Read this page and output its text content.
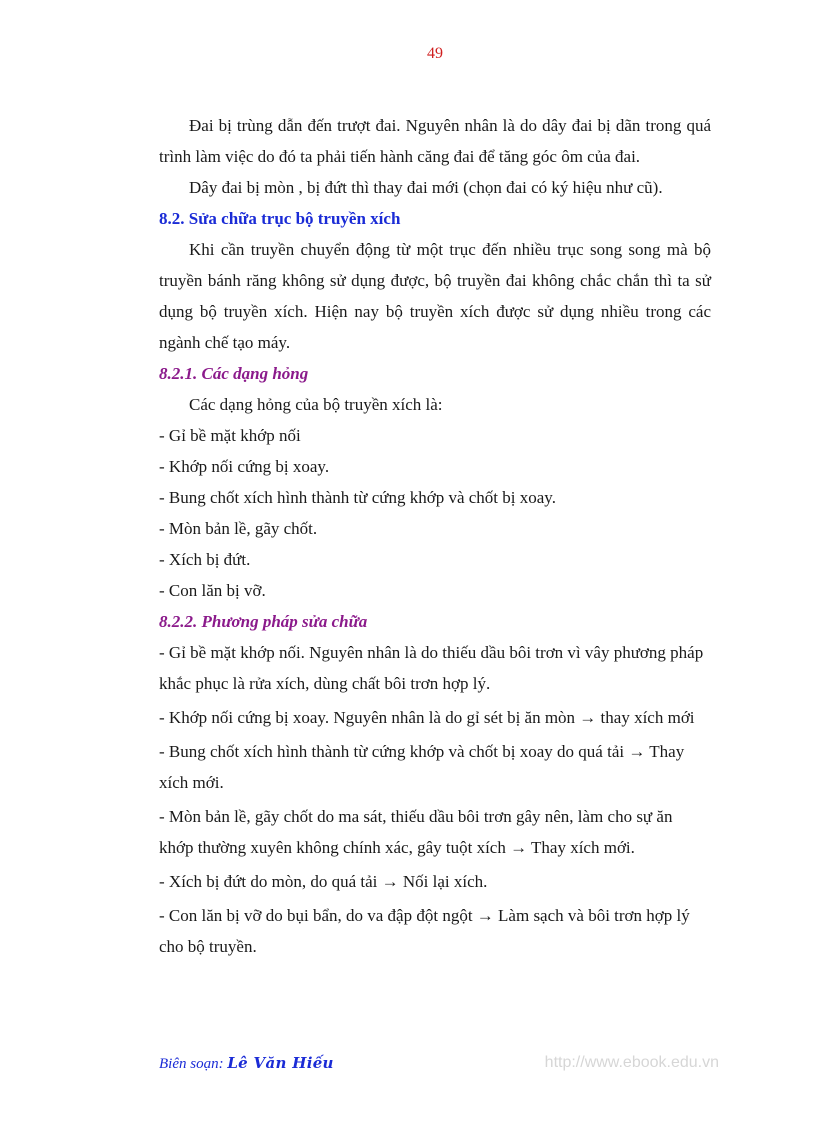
49

Đai bị trùng dẫn đến trượt đai. Nguyên nhân là do dây đai bị dãn trong quá trình làm việc do đó ta phải tiến hành căng đai để tăng góc ôm của đai.

Dây đai bị mòn , bị đứt thì thay đai mới (chọn đai có ký hiệu như cũ).

8.2. Sửa chữa trục bộ truyền xích

Khi cần truyền chuyển động từ một trục đến nhiều trục song song mà bộ truyền bánh răng không sử dụng được, bộ truyền đai không chắc chắn thì ta sử dụng bộ truyền xích. Hiện nay bộ truyền xích được sử dụng nhiều trong các ngành chế tạo máy.

8.2.1. Các dạng hỏng

Các dạng hỏng của bộ truyền xích là:

- Gỉ bề mặt khớp nối

- Khớp nối cứng bị xoay.

- Bung chốt xích hình thành từ cứng khớp và chốt bị xoay.

- Mòn bản lề, gãy chốt.

- Xích bị đứt.

- Con lăn bị vỡ.

8.2.2. Phương pháp sửa chữa

- Gỉ bề mặt khớp nối. Nguyên nhân là do thiếu dầu bôi trơn vì vây phương pháp khắc phục là rửa xích, dùng chất bôi trơn hợp lý.

- Khớp nối cứng bị xoay. Nguyên nhân là do gỉ sét bị ăn mòn → thay xích mới

- Bung chốt xích hình thành từ cứng khớp và chốt bị xoay do quá tải → Thay xích mới.

- Mòn bản lề, gãy chốt do ma sát, thiếu dầu bôi trơn gây nên, làm cho sự ăn khớp thường xuyên không chính xác, gây tuột xích → Thay xích mới.

- Xích bị đứt do mòn, do quá tải → Nối lại xích.

- Con lăn bị vỡ do bụi bẩn, do va đập đột ngột → Làm sạch và bôi trơn hợp lý cho bộ truyền.

Biên soạn: Lê Văn Hiếu	http://www.ebook.edu.vn
